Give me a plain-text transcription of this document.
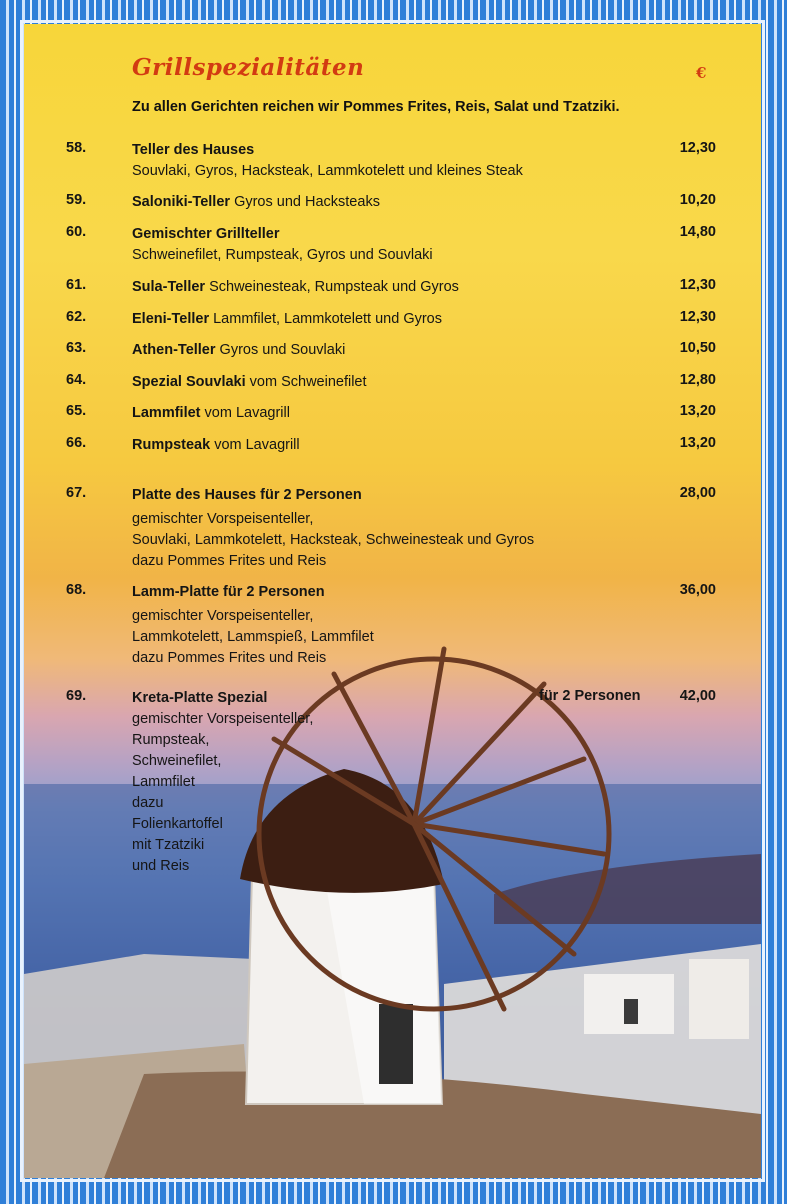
Grillspezialitäten	€
Zu allen Gerichten reichen wir Pommes Frites, Reis, Salat und Tzatziki.
58.	Teller des Hauses
Souvlaki, Gyros, Hacksteak, Lammkotelett und kleines Steak
12,30
59.	Saloniki-Teller Gyros und Hacksteaks	10,20
60.	Gemischter Grillteller
Schweinefilet, Rumpsteak, Gyros und Souvlaki
14,80
61.	Sula-Teller Schweinesteak, Rumpsteak und Gyros	12,30
62.	Eleni-Teller Lammfilet, Lammkotelett und Gyros	12,30
63.	Athen-Teller Gyros und Souvlaki	10,50
64.	Spezial Souvlaki vom Schweinefilet	12,80
65.	Lammfilet vom Lavagrill	13,20
66.	Rumpsteak vom Lavagrill	13,20
67.	Platte des Hauses für 2 Personen
gemischter Vorspeisenteller,
Souvlaki, Lammkotelett, Hacksteak, Schweinesteak und Gyros
dazu Pommes Frites und Reis
28,00
68.	Lamm-Platte für 2 Personen
gemischter Vorspeisenteller,
Lammkotelett, Lammspieß, Lammfilet
dazu Pommes Frites und Reis
36,00
69.	Kreta-Platte Spezial
gemischter Vorspeisenteller,
Rumpsteak,
Schweinefilet,
Lammfilet
dazu
Folienkartoffel
mit Tzatziki
und Reis
für 2 Personen	42,00
